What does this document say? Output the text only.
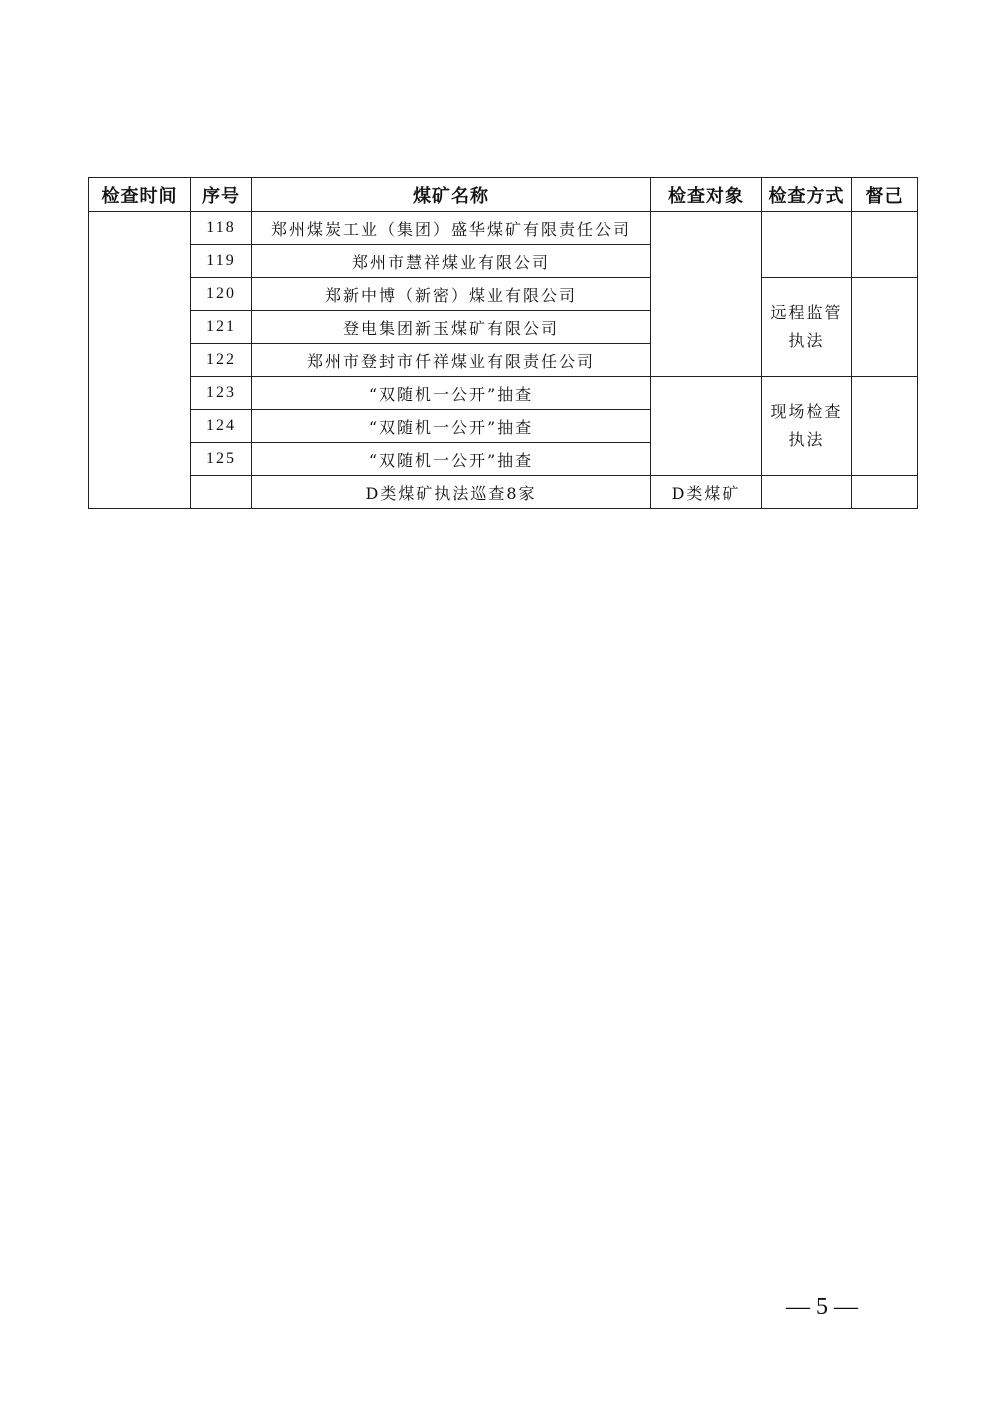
检查时间	序号	煤矿名称	检查对象	检查方式	督己
	118	郑州煤炭工业（集团）盛华煤矿有限责任公司			
	119	郑州市慧祥煤业有限公司			
	120	郑新中博（新密）煤业有限公司		远程监管
执法	

	121	登电集团新玉煤矿有限公司			
	122	郑州市登封市仟祥煤业有限责任公司			
	123	“双随机一公开”抽查		现场检查
执法	

	124	“双随机一公开”抽查			
	125	“双随机一公开”抽查			
		D类煤矿执法巡查8家	D类煤矿		
— 5 —
